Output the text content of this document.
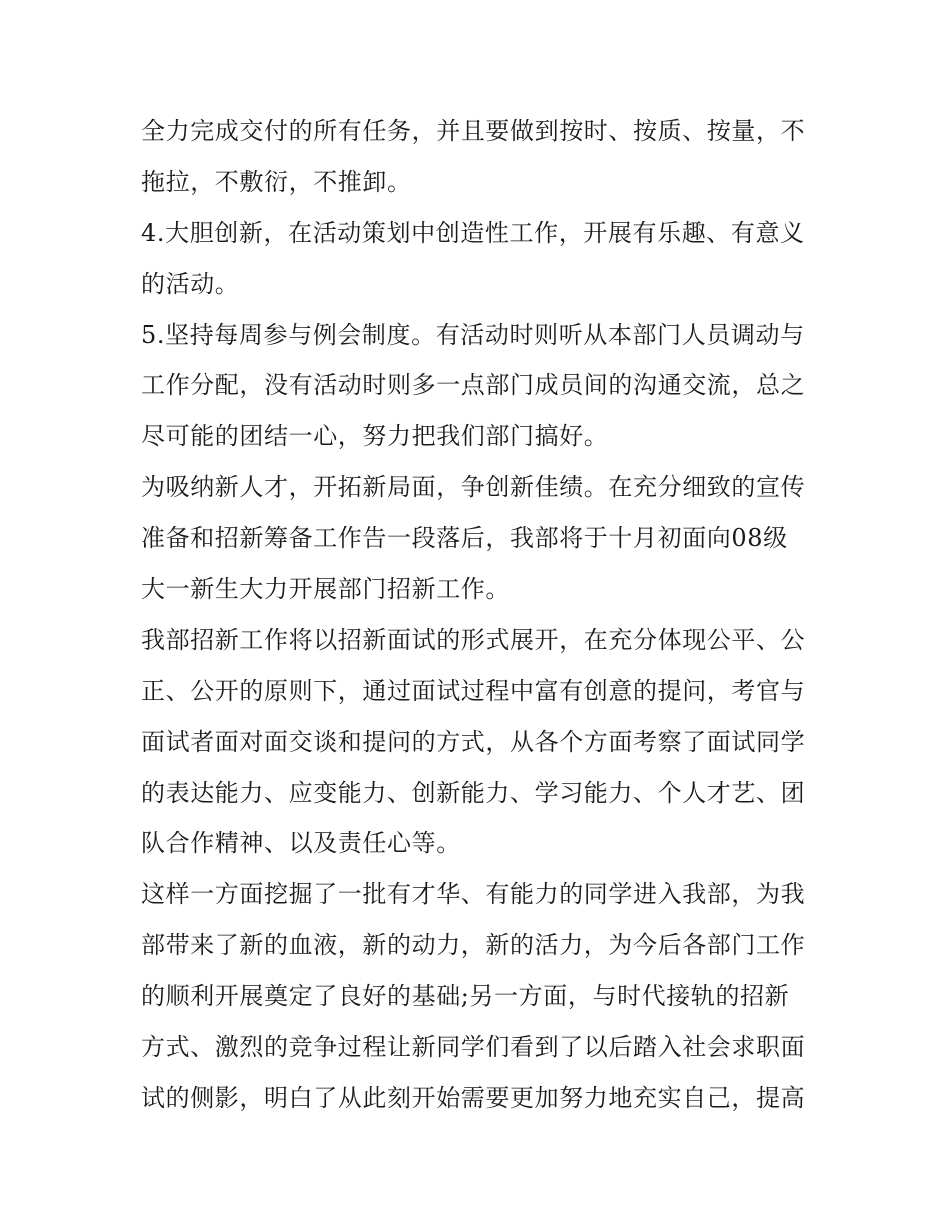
全力完成交付的所有任务，并且要做到按时、按质、按量，不
拖拉，不敷衍，不推卸。
4.大胆创新，在活动策划中创造性工作，开展有乐趣、有意义
的活动。
5.坚持每周参与例会制度。有活动时则听从本部门人员调动与
工作分配，没有活动时则多一点部门成员间的沟通交流，总之
尽可能的团结一心，努力把我们部门搞好。
为吸纳新人才，开拓新局面，争创新佳绩。在充分细致的宣传
准备和招新筹备工作告一段落后，我部将于十月初面向08级
大一新生大力开展部门招新工作。
我部招新工作将以招新面试的形式展开，在充分体现公平、公
正、公开的原则下，通过面试过程中富有创意的提问，考官与
面试者面对面交谈和提问的方式，从各个方面考察了面试同学
的表达能力、应变能力、创新能力、学习能力、个人才艺、团
队合作精神、以及责任心等。
这样一方面挖掘了一批有才华、有能力的同学进入我部，为我
部带来了新的血液，新的动力，新的活力，为今后各部门工作
的顺利开展奠定了良好的基础;另一方面，与时代接轨的招新
方式、激烈的竞争过程让新同学们看到了以后踏入社会求职面
试的侧影，明白了从此刻开始需要更加努力地充实自己，提高
